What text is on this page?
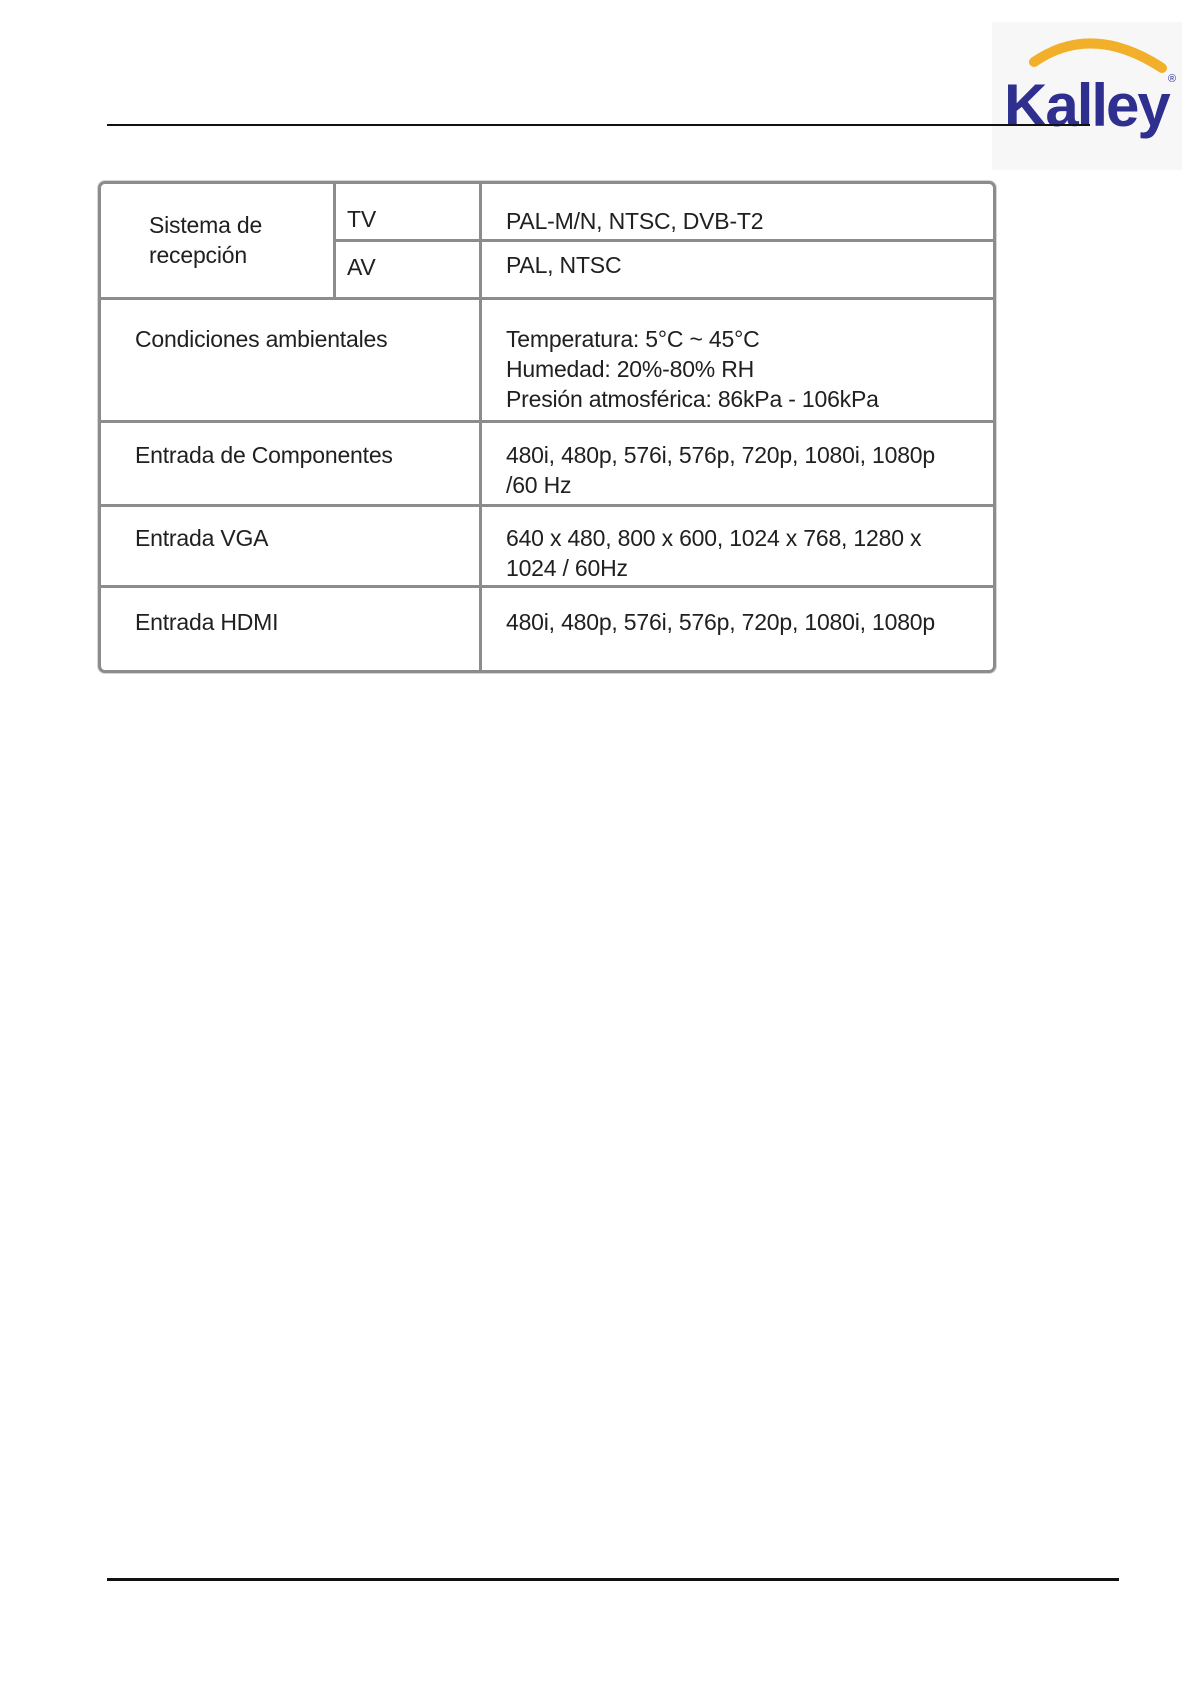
Kalley ®
Sistema de
recepción
TV	PAL-M/N, NTSC, DVB-T2
AV	PAL, NTSC
Condiciones ambientales	Temperatura: 5°C ~ 45°C
Humedad: 20%-80% RH
Presión atmosférica: 86kPa - 106kPa
Entrada de Componentes	480i, 480p, 576i, 576p, 720p, 1080i, 1080p
/60 Hz
Entrada VGA	640 x 480, 800 x 600, 1024 x 768, 1280 x
1024 / 60Hz
Entrada HDMI	480i, 480p, 576i, 576p, 720p, 1080i, 1080p
